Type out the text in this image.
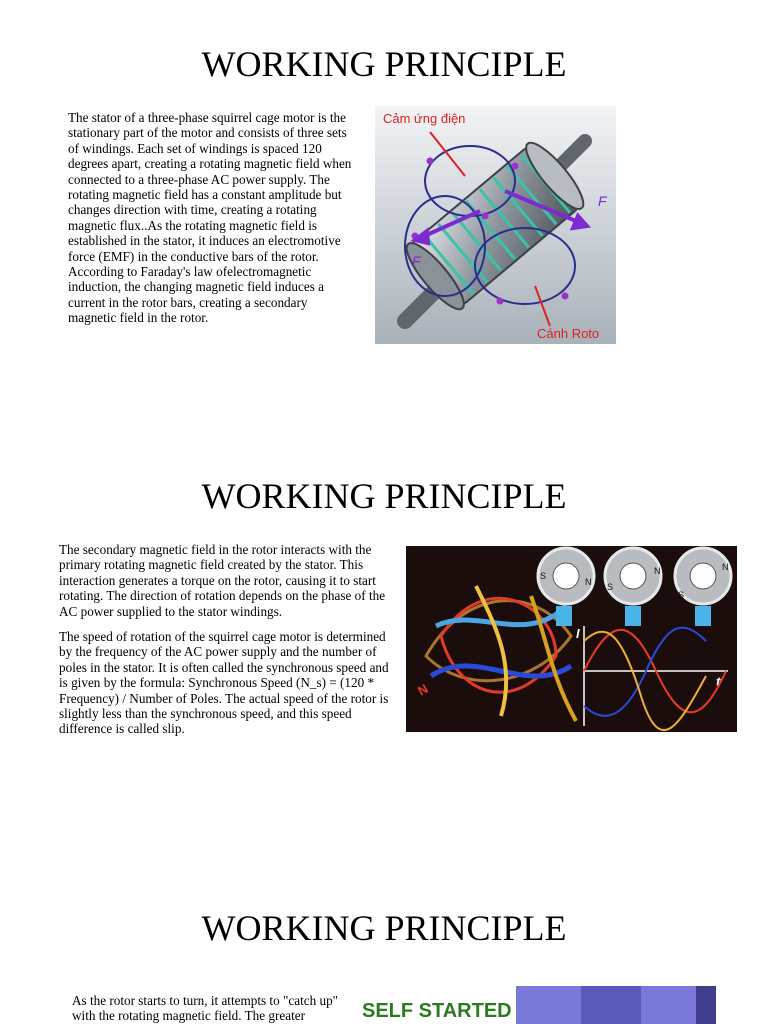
WORKING PRINCIPLE

The stator of a three-phase squirrel cage motor is the stationary part of the motor and consists of three sets of windings. Each set of windings is spaced 120 degrees apart, creating a rotating magnetic field when connected to a three-phase AC power supply. The rotating magnetic field has a constant amplitude but changes direction with time, creating a rotating magnetic flux..As the rotating magnetic field is established in the stator, it induces an electromotive force (EMF) in the conductive bars of the rotor. According to Faraday's law ofelectromagnetic induction, the changing magnetic field induces a current in the rotor bars, creating a secondary magnetic field in the rotor.

Cảm ứng điện
Cánh Roto
F
F
WORKING PRINCIPLE

The secondary magnetic field in the rotor interacts with the primary rotating magnetic field created by the stator. This interaction generates a torque on the rotor, causing it to start rotating. The direction of rotation depends on the phase of the AC power supplied to the stator windings.

The speed of rotation of the squirrel cage motor is determined by the frequency of the AC power supply and the number of poles in the stator. It is often called the synchronous speed and is given by the formula: Synchronous Speed (N_s) = (120 * Frequency) / Number of Poles. The actual speed of the rotor is slightly less than the synchronous speed, and this speed difference is called slip.

N
S
N S
N
S
N
I
t
WORKING PRINCIPLE

As the rotor starts to turn, it attempts to "catch up" with the rotating magnetic field. The greater	SELF STARTED
